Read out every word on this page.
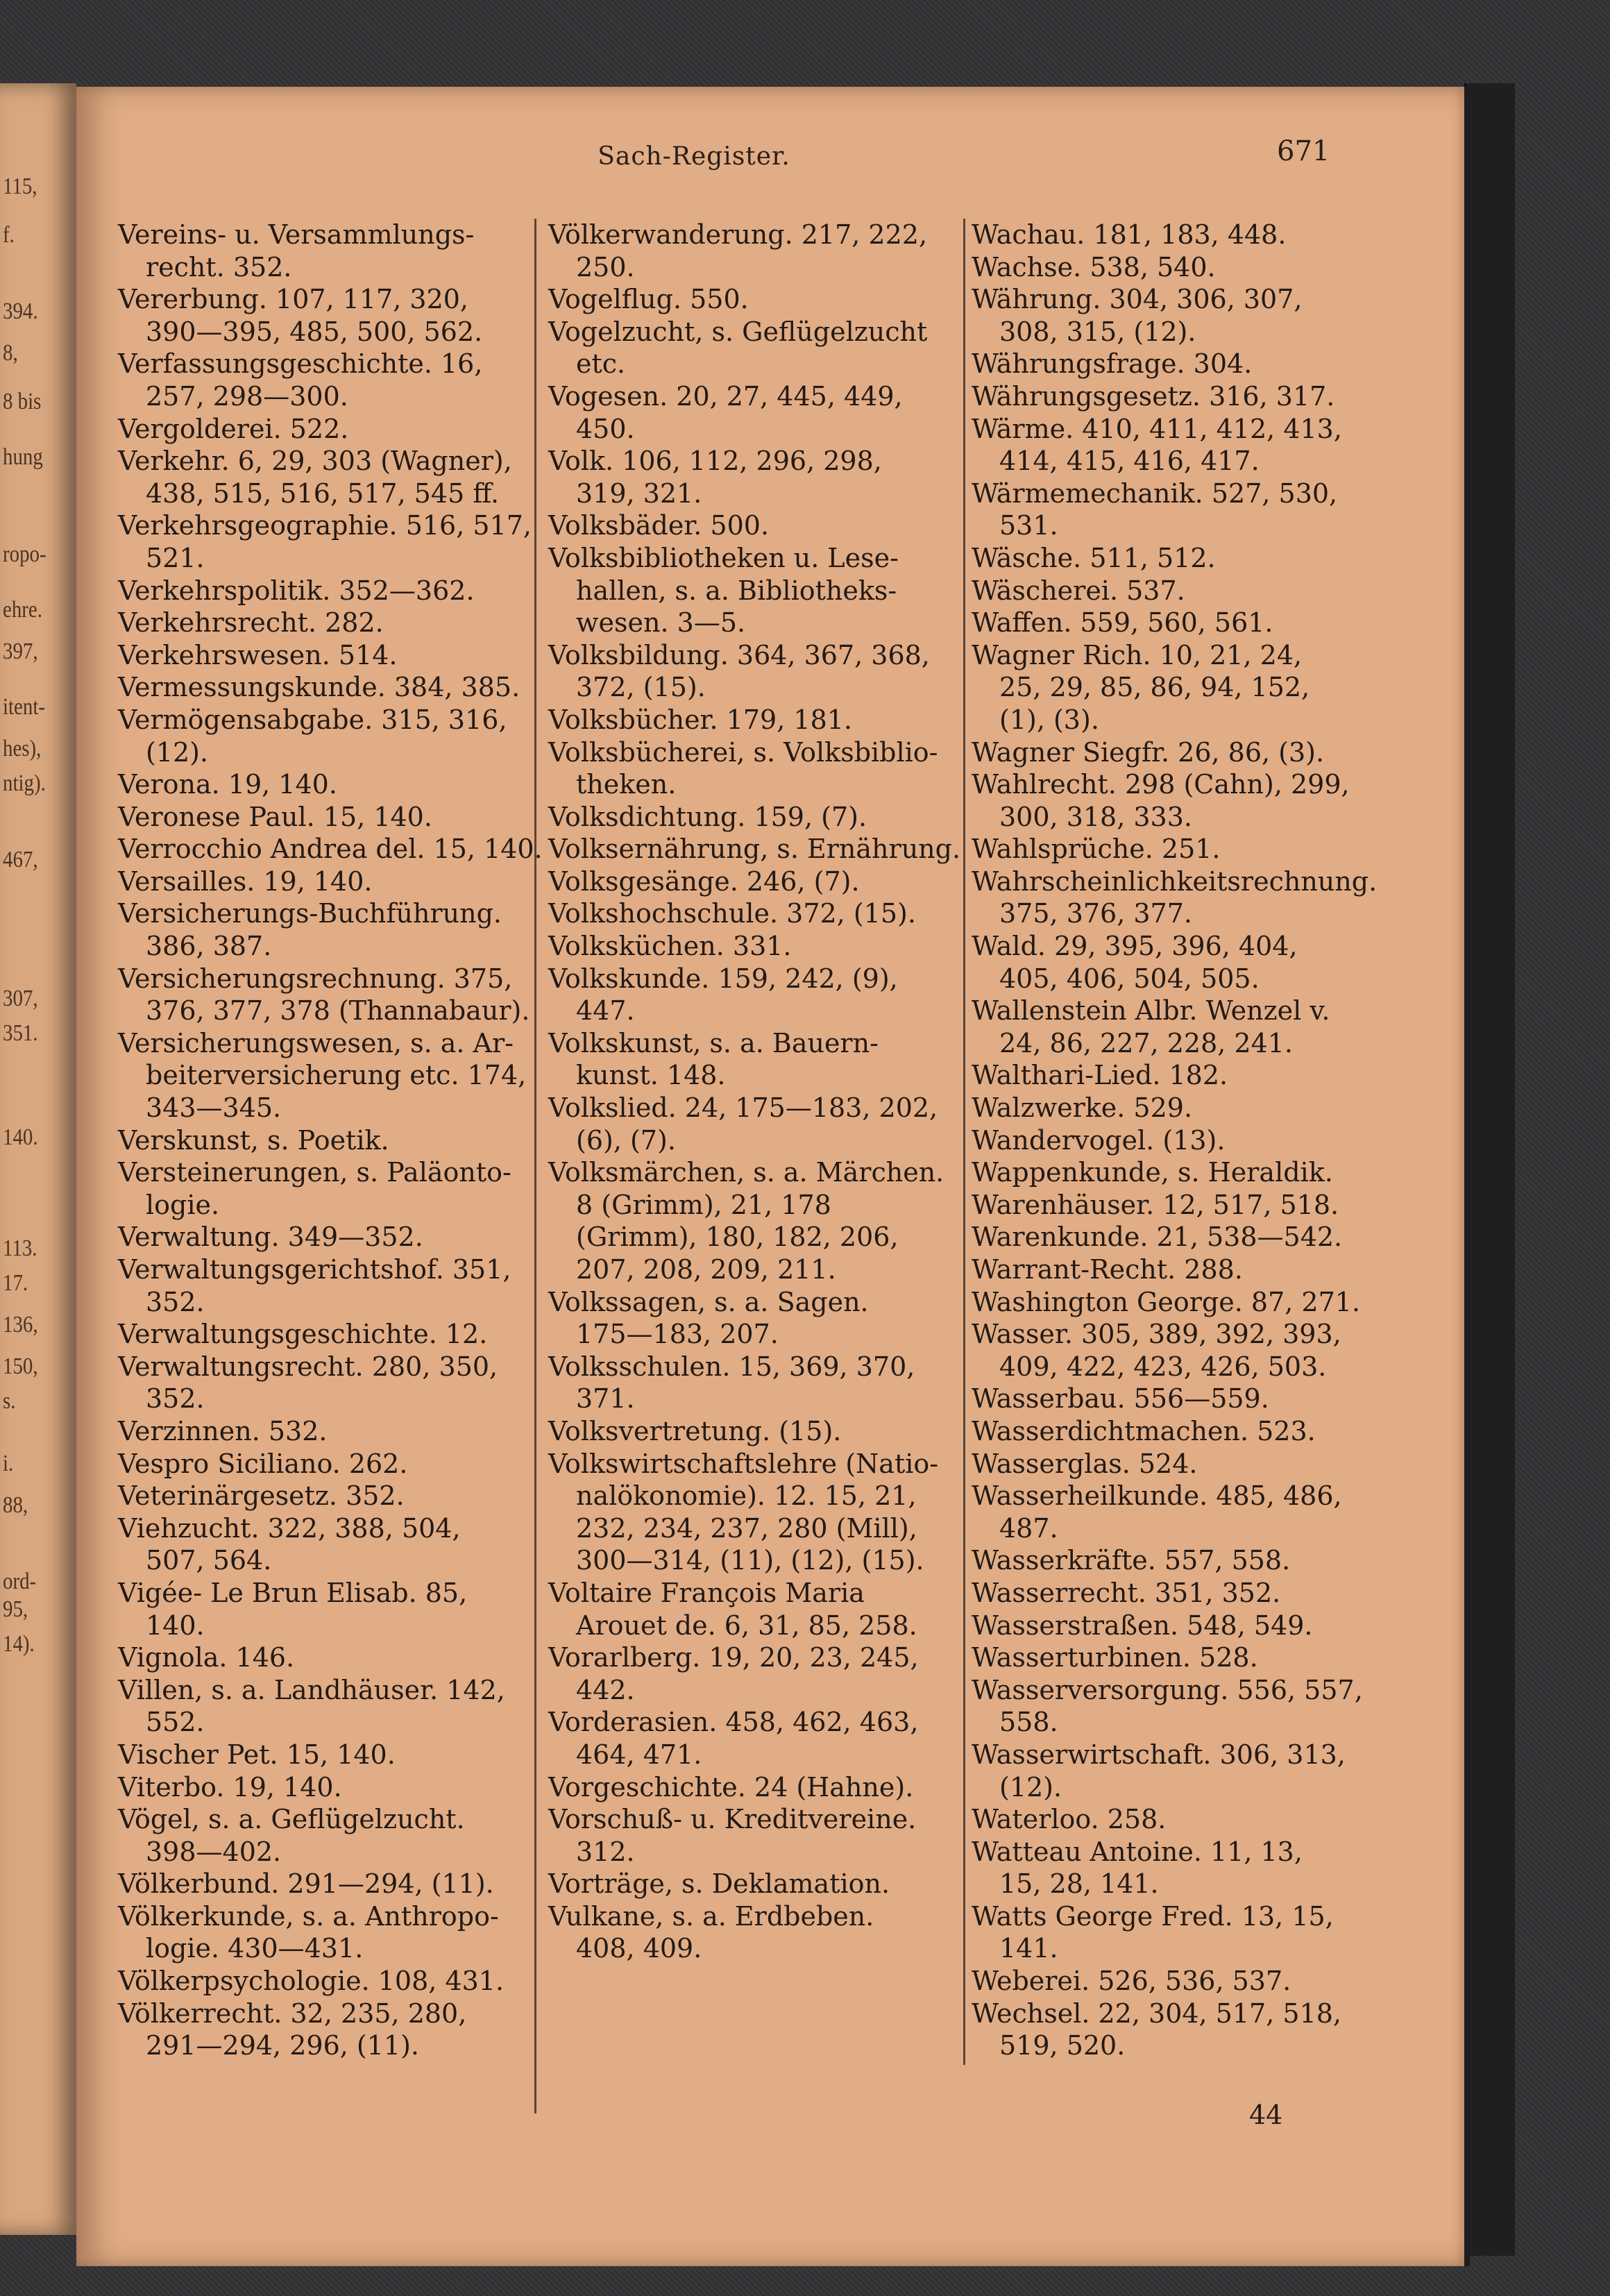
115,
f.
394.
8,
8 bis
hung
ropo-
ehre.
397,
itent-
hes),
ntig).
467,
307,
351.
140.
113.
17.
136,
150,
s.
i.
88,
ord-
95,
14).
Sach-Register.	671
Vereins- u. Versammlungs-
recht. 352.
Vererbung. 107, 117, 320,
390—395, 485, 500, 562.
Verfassungsgeschichte. 16,
257, 298—300.
Vergolderei. 522.
Verkehr. 6, 29, 303 (Wagner),
438, 515, 516, 517, 545 ff.
Verkehrsgeographie. 516, 517,
521.
Verkehrspolitik. 352—362.
Verkehrsrecht. 282.
Verkehrswesen. 514.
Vermessungskunde. 384, 385.
Vermögensabgabe. 315, 316,
(12).
Verona. 19, 140.
Veronese Paul. 15, 140.
Verrocchio Andrea del. 15, 140.
Versailles. 19, 140.
Versicherungs-Buchführung.
386, 387.
Versicherungsrechnung. 375,
376, 377, 378 (Thannabaur).
Versicherungswesen, s. a. Ar-
beiterversicherung etc. 174,
343—345.
Verskunst, s. Poetik.
Versteinerungen, s. Paläonto-
logie.
Verwaltung. 349—352.
Verwaltungsgerichtshof. 351,
352.
Verwaltungsgeschichte. 12.
Verwaltungsrecht. 280, 350,
352.
Verzinnen. 532.
Vespro Siciliano. 262.
Veterinärgesetz. 352.
Viehzucht. 322, 388, 504,
507, 564.
Vigée- Le Brun Elisab. 85,
140.
Vignola. 146.
Villen, s. a. Landhäuser. 142,
552.
Vischer Pet. 15, 140.
Viterbo. 19, 140.
Vögel, s. a. Geflügelzucht.
398—402.
Völkerbund. 291—294, (11).
Völkerkunde, s. a. Anthropo-
logie. 430—431.
Völkerpsychologie. 108, 431.
Völkerrecht. 32, 235, 280,
291—294, 296, (11).
Völkerwanderung. 217, 222,
250.
Vogelflug. 550.
Vogelzucht, s. Geflügelzucht
etc.
Vogesen. 20, 27, 445, 449,
450.
Volk. 106, 112, 296, 298,
319, 321.
Volksbäder. 500.
Volksbibliotheken u. Lese-
hallen, s. a. Bibliotheks-
wesen. 3—5.
Volksbildung. 364, 367, 368,
372, (15).
Volksbücher. 179, 181.
Volksbücherei, s. Volksbiblio-
theken.
Volksdichtung. 159, (7).
Volksernährung, s. Ernährung.
Volksgesänge. 246, (7).
Volkshochschule. 372, (15).
Volksküchen. 331.
Volkskunde. 159, 242, (9),
447.
Volkskunst, s. a. Bauern-
kunst. 148.
Volkslied. 24, 175—183, 202,
(6), (7).
Volksmärchen, s. a. Märchen.
8 (Grimm), 21, 178
(Grimm), 180, 182, 206,
207, 208, 209, 211.
Volkssagen, s. a. Sagen.
175—183, 207.
Volksschulen. 15, 369, 370,
371.
Volksvertretung. (15).
Volkswirtschaftslehre (Natio-
nalökonomie). 12. 15, 21,
232, 234, 237, 280 (Mill),
300—314, (11), (12), (15).
Voltaire François Maria
Arouet de. 6, 31, 85, 258.
Vorarlberg. 19, 20, 23, 245,
442.
Vorderasien. 458, 462, 463,
464, 471.
Vorgeschichte. 24 (Hahne).
Vorschuß- u. Kreditvereine.
312.
Vorträge, s. Deklamation.
Vulkane, s. a. Erdbeben.
408, 409.
Wachau. 181, 183, 448.
Wachse. 538, 540.
Währung. 304, 306, 307,
308, 315, (12).
Währungsfrage. 304.
Währungsgesetz. 316, 317.
Wärme. 410, 411, 412, 413,
414, 415, 416, 417.
Wärmemechanik. 527, 530,
531.
Wäsche. 511, 512.
Wäscherei. 537.
Waffen. 559, 560, 561.
Wagner Rich. 10, 21, 24,
25, 29, 85, 86, 94, 152,
(1), (3).
Wagner Siegfr. 26, 86, (3).
Wahlrecht. 298 (Cahn), 299,
300, 318, 333.
Wahlsprüche. 251.
Wahrscheinlichkeitsrechnung.
375, 376, 377.
Wald. 29, 395, 396, 404,
405, 406, 504, 505.
Wallenstein Albr. Wenzel v.
24, 86, 227, 228, 241.
Walthari-Lied. 182.
Walzwerke. 529.
Wandervogel. (13).
Wappenkunde, s. Heraldik.
Warenhäuser. 12, 517, 518.
Warenkunde. 21, 538—542.
Warrant-Recht. 288.
Washington George. 87, 271.
Wasser. 305, 389, 392, 393,
409, 422, 423, 426, 503.
Wasserbau. 556—559.
Wasserdichtmachen. 523.
Wasserglas. 524.
Wasserheilkunde. 485, 486,
487.
Wasserkräfte. 557, 558.
Wasserrecht. 351, 352.
Wasserstraßen. 548, 549.
Wasserturbinen. 528.
Wasserversorgung. 556, 557,
558.
Wasserwirtschaft. 306, 313,
(12).
Waterloo. 258.
Watteau Antoine. 11, 13,
15, 28, 141.
Watts George Fred. 13, 15,
141.
Weberei. 526, 536, 537.
Wechsel. 22, 304, 517, 518,
519, 520.
44
